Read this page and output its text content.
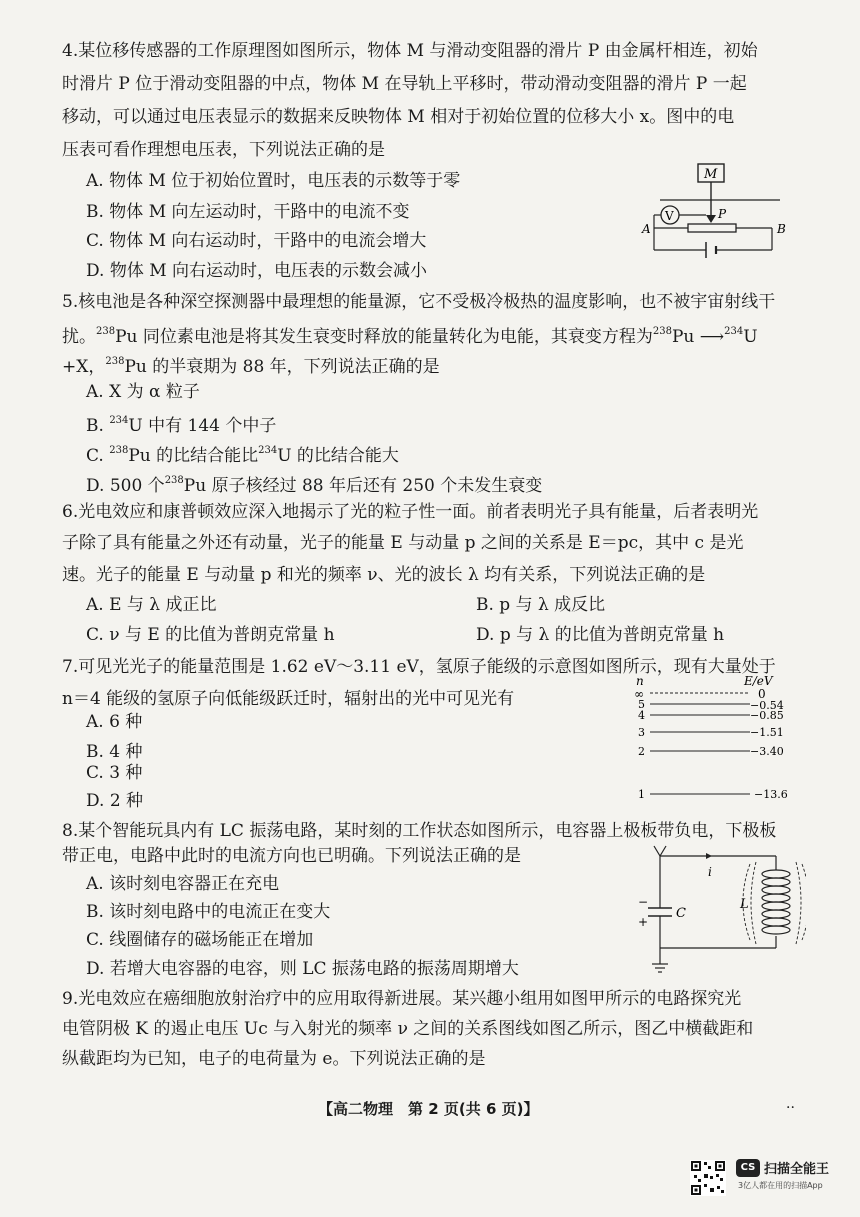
4.某位移传感器的工作原理图如图所示，物体 M 与滑动变阻器的滑片 P 由金属杆相连，初始
时滑片 P 位于滑动变阻器的中点，物体 M 在导轨上平移时，带动滑动变阻器的滑片 P 一起
移动，可以通过电压表显示的数据来反映物体 M 相对于初始位置的位移大小 x。图中的电
压表可看作理想电压表，下列说法正确的是
A. 物体 M 位于初始位置时，电压表的示数等于零
B. 物体 M 向左运动时，干路中的电流不变
C. 物体 M 向右运动时，干路中的电流会增大
D. 物体 M 向右运动时，电压表的示数会减小
M
V	P
A	B
5.核电池是各种深空探测器中最理想的能量源，它不受极冷极热的温度影响，也不被宇宙射线干
扰。$^{238}$Pu 同位素电池是将其发生衰变时释放的能量转化为电能，其衰变方程为$^{238}$Pu ⟶$^{234}$U
+X，$^{238}$Pu 的半衰期为 88 年，下列说法正确的是
A. X 为 α 粒子
B. $^{234}$U 中有 144 个中子
C. $^{238}$Pu 的比结合能比$^{234}$U 的比结合能大
D. 500 个$^{238}$Pu 原子核经过 88 年后还有 250 个未发生衰变
6.光电效应和康普顿效应深入地揭示了光的粒子性一面。前者表明光子具有能量，后者表明光
子除了具有能量之外还有动量，光子的能量 E 与动量 p 之间的关系是 E＝pc，其中 c 是光
速。光子的能量 E 与动量 p 和光的频率 ν、光的波长 λ 均有关系，下列说法正确的是
A. E 与 λ 成正比	B. p 与 λ 成反比
C. ν 与 E 的比值为普朗克常量 h	D. p 与 λ 的比值为普朗克常量 h
7.可见光光子的能量范围是 1.62 eV～3.11 eV，氢原子能级的示意图如图所示，现有大量处于
n＝4 能级的氢原子向低能级跃迁时，辐射出的光中可见光有
A. 6 种
B. 4 种
C. 3 种
D. 2 种
n	E/eV
∞	0
5	−0.54
4	−0.85
3	−1.51
2	−3.40
1	−13.6
8.某个智能玩具内有 LC 振荡电路，某时刻的工作状态如图所示，电容器上极板带负电，下极板
带正电，电路中此时的电流方向也已明确。下列说法正确的是
A. 该时刻电容器正在充电
B. 该时刻电路中的电流正在变大
C. 线圈储存的磁场能正在增加
D. 若增大电容器的电容，则 LC 振荡电路的振荡周期增大
i
−
+
C
L
9.光电效应在癌细胞放射治疗中的应用取得新进展。某兴趣小组用如图甲所示的电路探究光
电管阴极 K 的遏止电压 Uc 与入射光的频率 ν 之间的关系图线如图乙所示，图乙中横截距和
纵截距均为已知，电子的电荷量为 e。下列说法正确的是
【高二物理　第 2 页(共 6 页)】	··
CS 扫描全能王
3亿人都在用的扫描App
